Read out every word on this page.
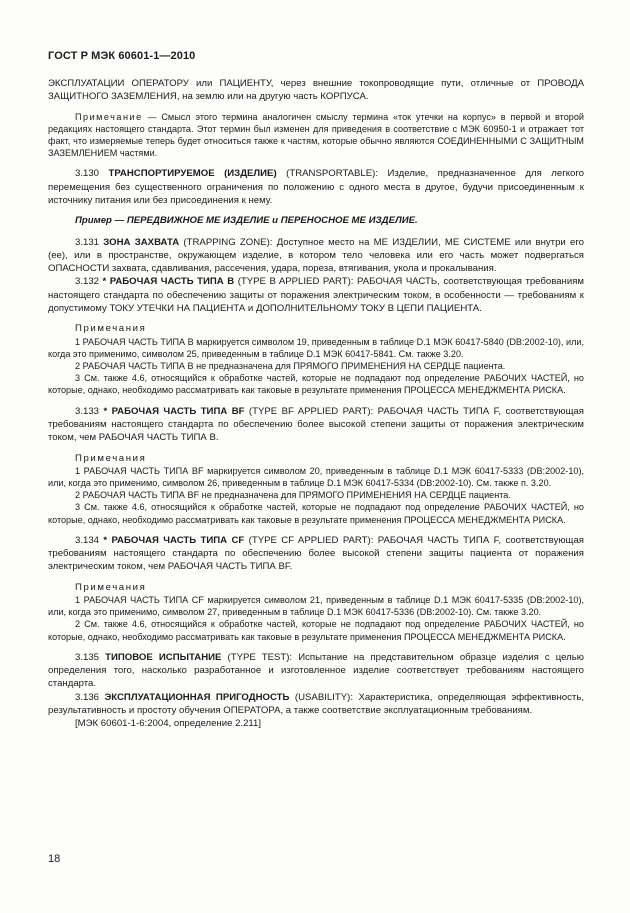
ГОСТ Р МЭК 60601-1—2010

ЭКСПЛУАТАЦИИ ОПЕРАТОРУ или ПАЦИЕНТУ, через внешние токопроводящие пути, отличные от ПРОВОДА ЗАЩИТНОГО ЗАЗЕМЛЕНИЯ, на землю или на другую часть КОРПУСА.

Примечание — Смысл этого термина аналогичен смыслу термина «ток утечки на корпус» в первой и второй редакциях настоящего стандарта. Этот термин был изменен для приведения в соответствие с МЭК 60950-1 и отражает тот факт, что измеряемые теперь будет относиться также к частям, которые обычно являются СОЕДИНЕННЫМИ С ЗАЩИТНЫМ ЗАЗЕМЛЕНИЕМ частями.

3.130 ТРАНСПОРТИРУЕМОЕ (ИЗДЕЛИЕ) (TRANSPORTABLE): Изделие, предназначенное для легкого перемещения без существенного ограничения по положению с одного места в другое, будучи присоединенным к источнику питания или без присоединения к нему.

Пример — ПЕРЕДВИЖНОЕ МЕ ИЗДЕЛИЕ и ПЕРЕНОСНОЕ МЕ ИЗДЕЛИЕ.

3.131 ЗОНА ЗАХВАТА (TRAPPING ZONE): Доступное место на МЕ ИЗДЕЛИИ, МЕ СИСТЕМЕ или внутри его (ее), или в пространстве, окружающем изделие, в котором тело человека или его часть может подвергаться ОПАСНОСТИ захвата, сдавливания, рассечения, удара, пореза, втягивания, укола и прокалывания.

3.132 * РАБОЧАЯ ЧАСТЬ ТИПА В (TYPE B APPLIED PART): РАБОЧАЯ ЧАСТЬ, соответствующая требованиям настоящего стандарта по обеспечению защиты от поражения электрическим током, в особенности — требованиям к допустимому ТОКУ УТЕЧКИ НА ПАЦИЕНТА и ДОПОЛНИТЕЛЬНОМУ ТОКУ В ЦЕПИ ПАЦИЕНТА.

Примечания

1 РАБОЧАЯ ЧАСТЬ ТИПА В маркируется символом 19, приведенным в таблице D.1 МЭК 60417-5840 (DB:2002-10), или, когда это применимо, символом 25, приведенным в таблице D.1 МЭК 60417-5841. См. также 3.20.

2 РАБОЧАЯ ЧАСТЬ ТИПА В не предназначена для ПРЯМОГО ПРИМЕНЕНИЯ НА СЕРДЦЕ пациента.

3 См. также 4.6, относящийся к обработке частей, которые не подпадают под определение РАБОЧИХ ЧАСТЕЙ, но которые, однако, необходимо рассматривать как таковые в результате применения ПРОЦЕССА МЕНЕДЖМЕНТА РИСКА.

3.133 * РАБОЧАЯ ЧАСТЬ ТИПА BF (TYPE BF APPLIED PART): РАБОЧАЯ ЧАСТЬ ТИПА F, соответствующая требованиям настоящего стандарта по обеспечению более высокой степени защиты от поражения электрическим током, чем РАБОЧАЯ ЧАСТЬ ТИПА В.

Примечания

1 РАБОЧАЯ ЧАСТЬ ТИПА BF маркируется символом 20, приведенным в таблице D.1 МЭК 60417-5333 (DB:2002-10), или, когда это применимо, символом 26, приведенным в таблице D.1 МЭК 60417-5334 (DB:2002-10). См. также п. 3.20.

2 РАБОЧАЯ ЧАСТЬ ТИПА BF не предназначена для ПРЯМОГО ПРИМЕНЕНИЯ НА СЕРДЦЕ пациента.

3 См. также 4.6, относящийся к обработке частей, которые не подпадают под определение РАБОЧИХ ЧАСТЕЙ, но которые, однако, необходимо рассматривать как таковые в результате применения ПРОЦЕССА МЕНЕДЖМЕНТА РИСКА.

3.134 * РАБОЧАЯ ЧАСТЬ ТИПА CF (TYPE CF APPLIED PART): РАБОЧАЯ ЧАСТЬ ТИПА F, соответствующая требованиям настоящего стандарта по обеспечению более высокой степени защиты пациента от поражения электрическим током, чем РАБОЧАЯ ЧАСТЬ ТИПА BF.

Примечания

1 РАБОЧАЯ ЧАСТЬ ТИПА CF маркируется символом 21, приведенным в таблице D.1 МЭК 60417-5335 (DB:2002-10), или, когда это применимо, символом 27, приведенным в таблице D.1 МЭК 60417-5336 (DB:2002-10). См. также 3.20.

2 См. также 4.6, относящийся к обработке частей, которые не подпадают под определение РАБОЧИХ ЧАСТЕЙ, но которые, однако, необходимо рассматривать как таковые в результате применения ПРОЦЕССА МЕНЕДЖМЕНТА РИСКА.

3.135 ТИПОВОЕ ИСПЫТАНИЕ (TYPE TEST): Испытание на представительном образце изделия с целью определения того, насколько разработанное и изготовленное изделие соответствует требованиям настоящего стандарта.

3.136 ЭКСПЛУАТАЦИОННАЯ ПРИГОДНОСТЬ (USABILITY): Характеристика, определяющая эффективность, результативность и простоту обучения ОПЕРАТОРА, а также соответствие эксплуатационным требованиям.

[МЭК 60601-1-6:2004, определение 2.211]

18
